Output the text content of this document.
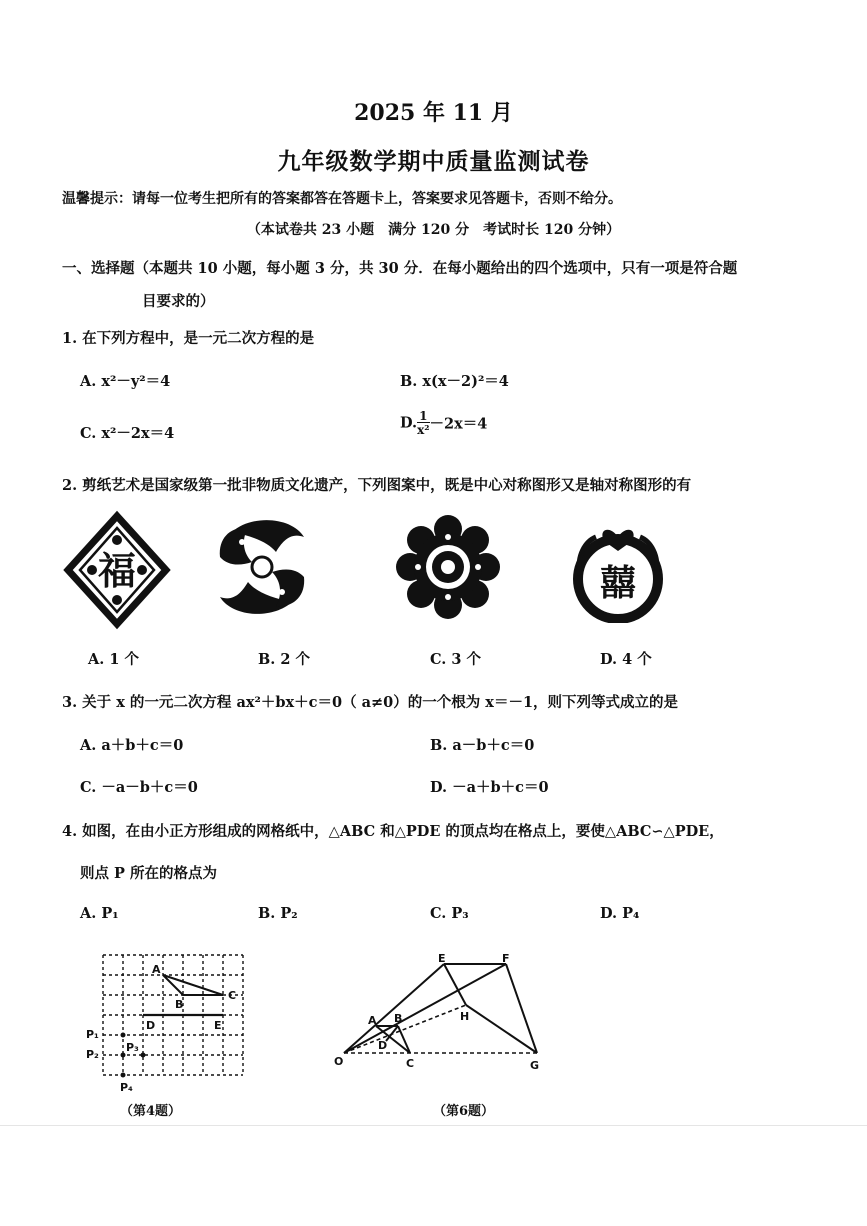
2025 年 11 月
九年级数学期中质量监测试卷
温馨提示：请每一位考生把所有的答案都答在答题卡上，答案要求见答题卡，否则不给分。
（本试卷共 23 小题　满分 120 分　考试时长 120 分钟）
一、选择题（本题共 10 小题，每小题 3 分，共 30 分．在每小题给出的四个选项中，只有一项是符合题
目要求的）
1. 在下列方程中，是一元二次方程的是
A. x²－y²＝4	B. x(x－2)²＝4
C. x²－2x＝4
D. $\frac{1}{\text{x²}} -2x=4$
2. 剪纸艺术是国家级第一批非物质文化遗产，下列图案中，既是中心对称图形又是轴对称图形的有
福	囍
A. 1 个	B. 2 个	C. 3 个	D. 4 个
3. 关于 x 的一元二次方程 ax²＋bx＋c＝0（ a≠0）的一个根为 x＝－1，则下列等式成立的是
A. a＋b＋c＝0	B. a－b＋c＝0
C. －a－b＋c＝0	D. －a＋b＋c＝0
4. 如图，在由小正方形组成的网格纸中，△ABC 和△PDE 的顶点均在格点上，要使△ABC∽△PDE，
则点 P 所在的格点为
A. P₁	B. P₂	C. P₃	D. P₄
A
B
C
D	E
P₁
P₂
P₃
P₄
（第4题）
E	F
A B	H
D
O	C	G
（第6题）
